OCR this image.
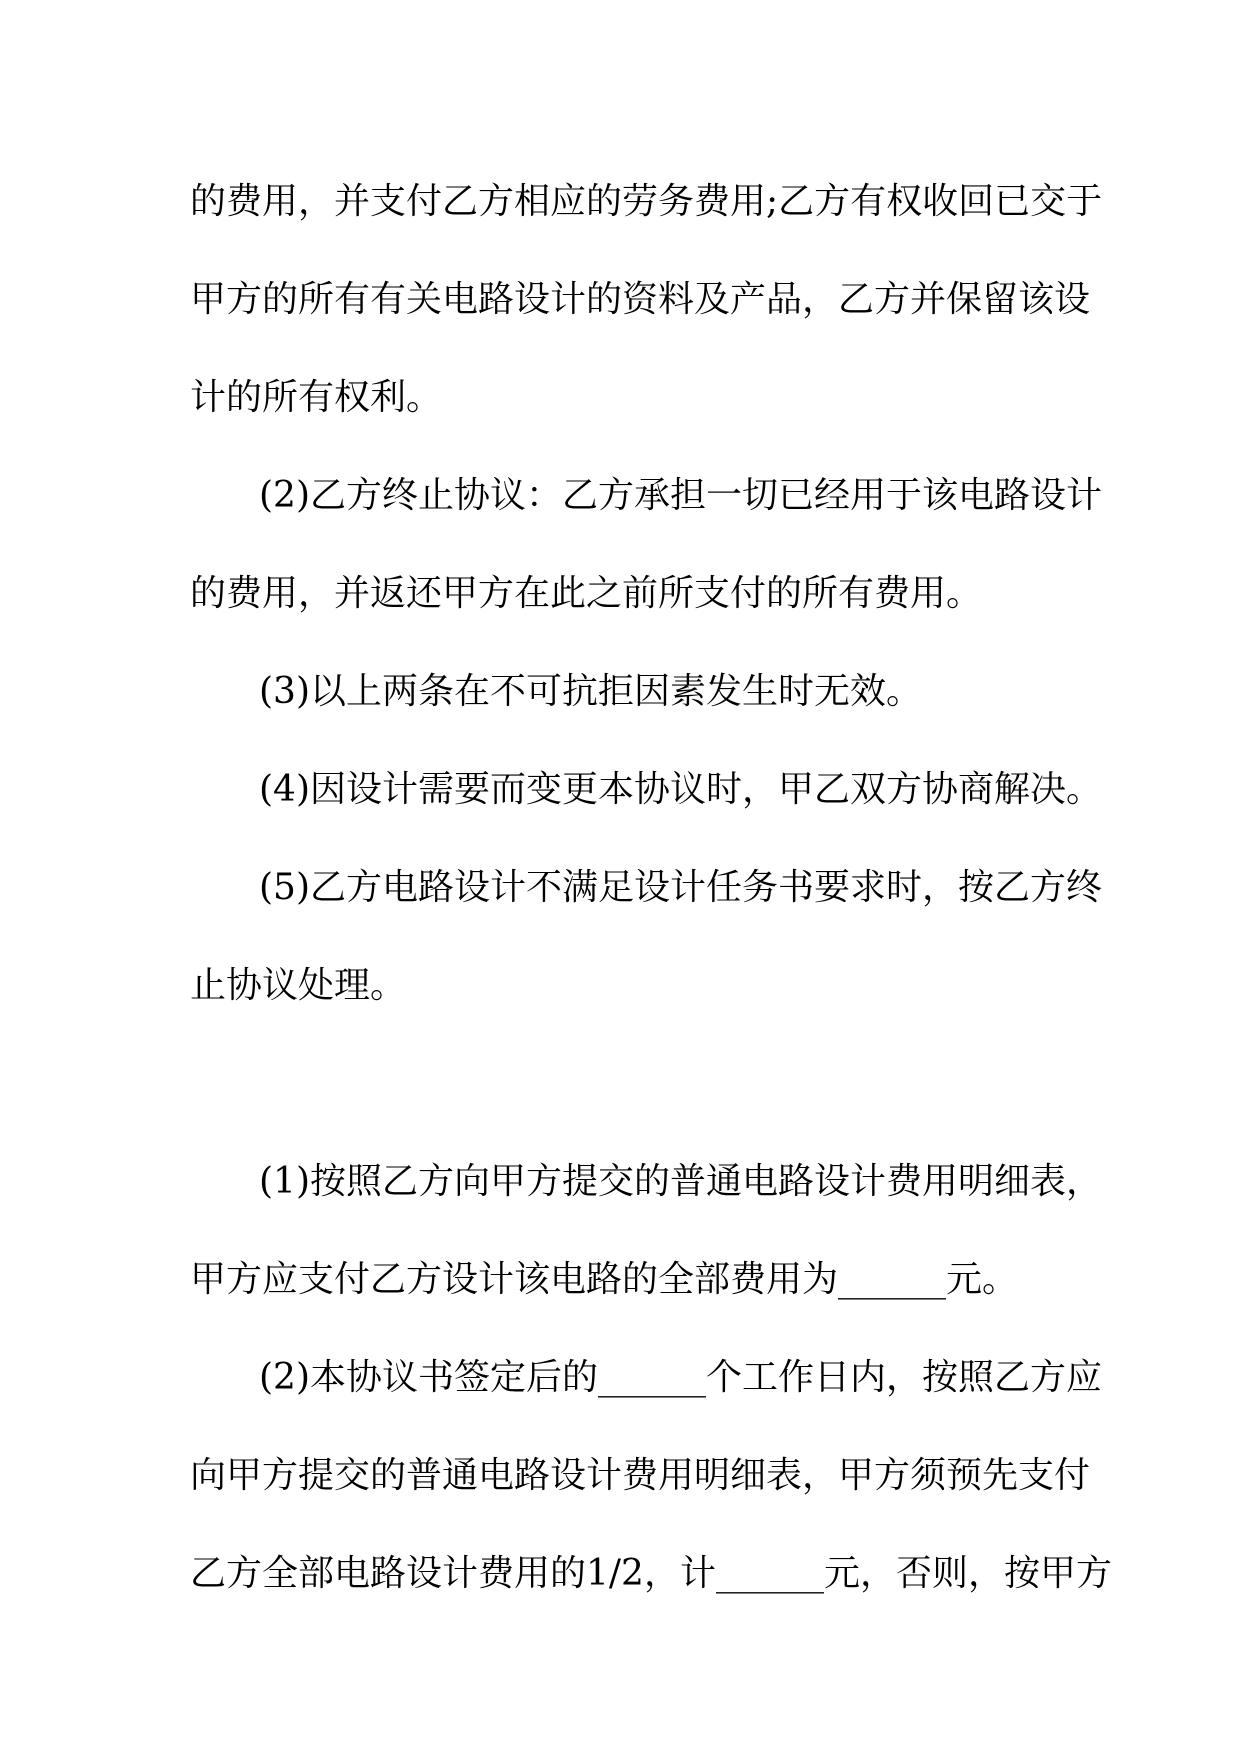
的费用，并支付乙方相应的劳务费用;乙方有权收回已交于
甲方的所有有关电路设计的资料及产品，乙方并保留该设
计的所有权利。
(2)乙方终止协议：乙方承担一切已经用于该电路设计
的费用，并返还甲方在此之前所支付的所有费用。
(3)以上两条在不可抗拒因素发生时无效。
(4)因设计需要而变更本协议时，甲乙双方协商解决。
(5)乙方电路设计不满足设计任务书要求时，按乙方终
止协议处理。
(1)按照乙方向甲方提交的普通电路设计费用明细表，
甲方应支付乙方设计该电路的全部费用为______元。
(2)本协议书签定后的______个工作日内，按照乙方应
向甲方提交的普通电路设计费用明细表，甲方须预先支付
乙方全部电路设计费用的1/2，计______元，否则，按甲方
